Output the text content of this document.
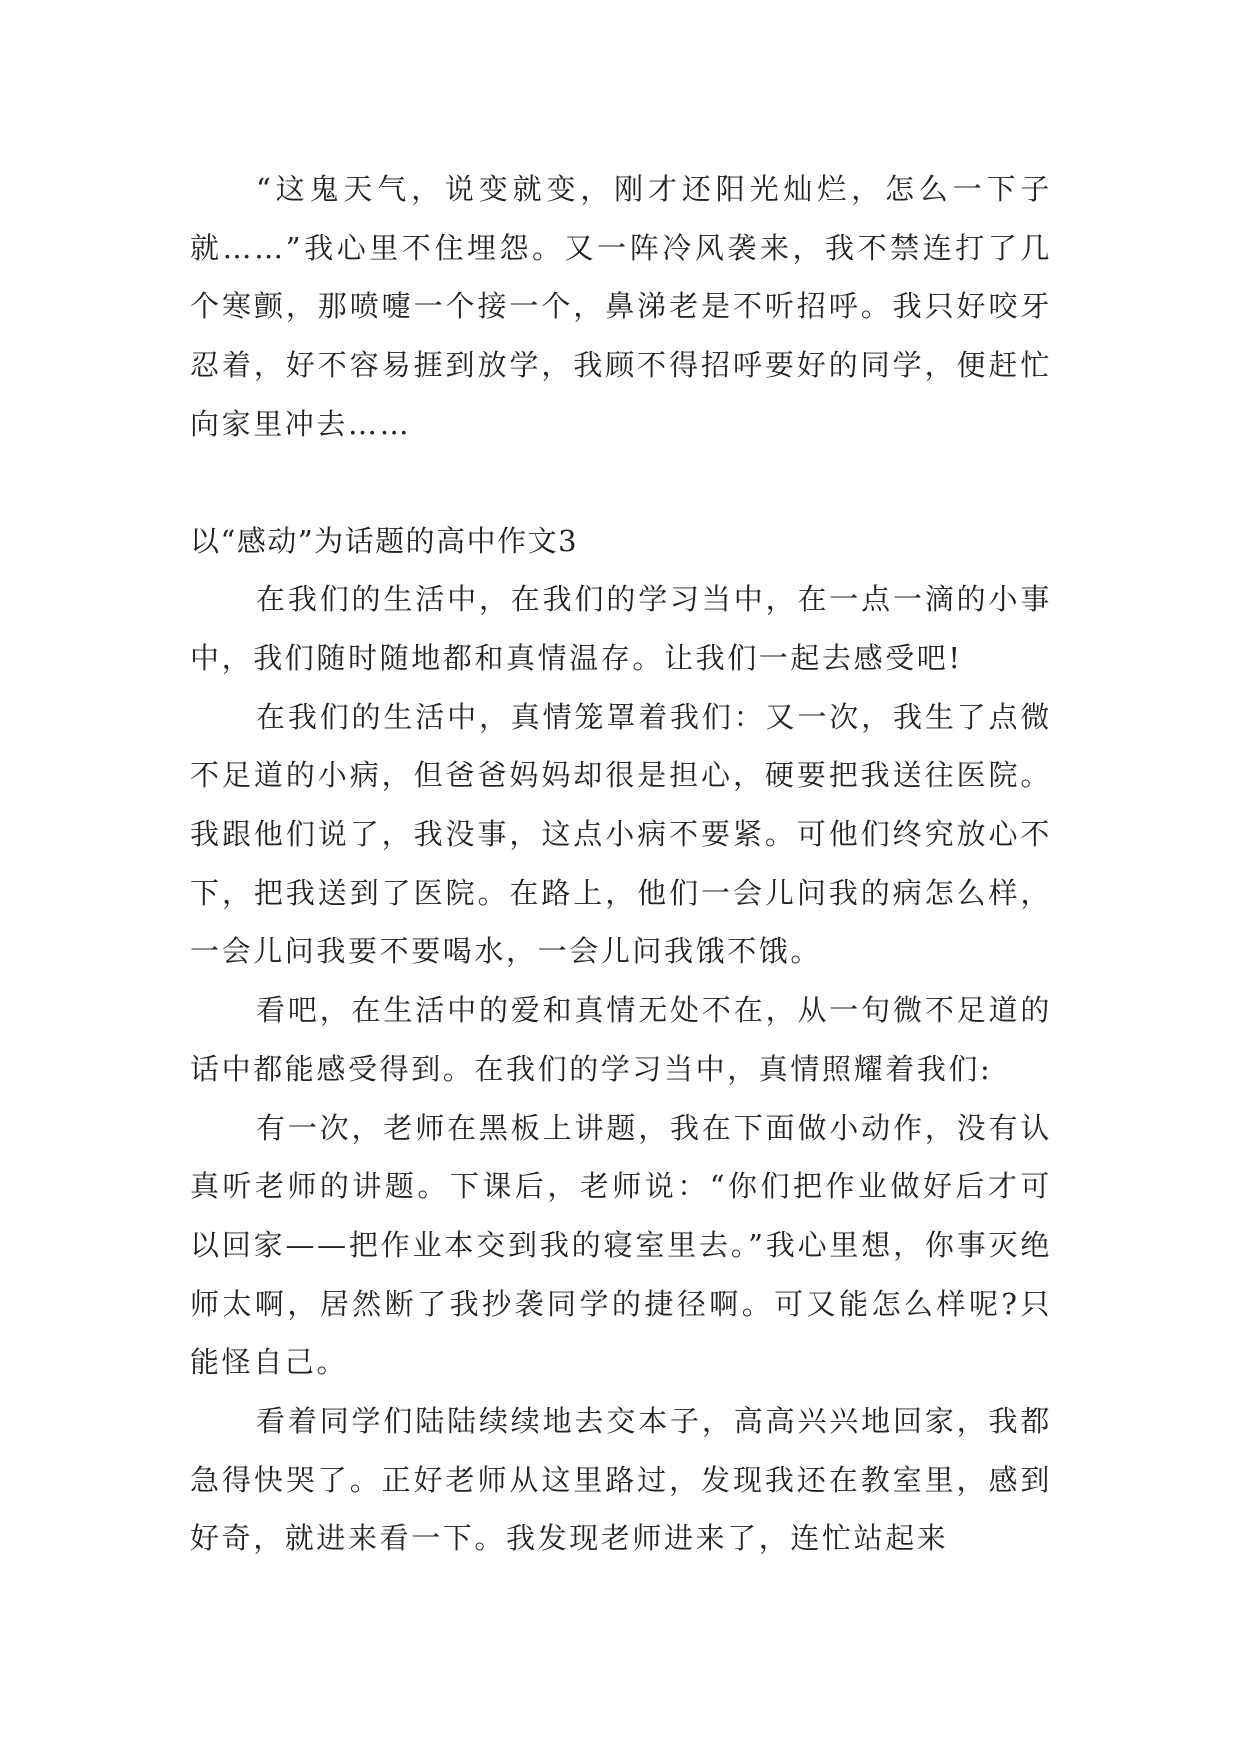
“这鬼天气，说变就变，刚才还阳光灿烂，怎么一下子就……”我心里不住埋怨。又一阵冷风袭来，我不禁连打了几个寒颤，那喷嚏一个接一个，鼻涕老是不听招呼。我只好咬牙忍着，好不容易捱到放学，我顾不得招呼要好的同学，便赶忙向家里冲去……

以“感动”为话题的高中作文3

在我们的生活中，在我们的学习当中，在一点一滴的小事中，我们随时随地都和真情温存。让我们一起去感受吧!

在我们的生活中，真情笼罩着我们：又一次，我生了点微不足道的小病，但爸爸妈妈却很是担心，硬要把我送往医院。我跟他们说了，我没事，这点小病不要紧。可他们终究放心不下，把我送到了医院。在路上，他们一会儿问我的病怎么样，一会儿问我要不要喝水，一会儿问我饿不饿。

看吧，在生活中的爱和真情无处不在，从一句微不足道的话中都能感受得到。在我们的学习当中，真情照耀着我们:

有一次，老师在黑板上讲题，我在下面做小动作，没有认真听老师的讲题。下课后，老师说：“你们把作业做好后才可以回家——把作业本交到我的寝室里去。”我心里想，你事灭绝师太啊，居然断了我抄袭同学的捷径啊。可又能怎么样呢?只能怪自己。

看着同学们陆陆续续地去交本子，高高兴兴地回家，我都急得快哭了。正好老师从这里路过，发现我还在教室里，感到好奇，就进来看一下。我发现老师进来了，连忙站起来
